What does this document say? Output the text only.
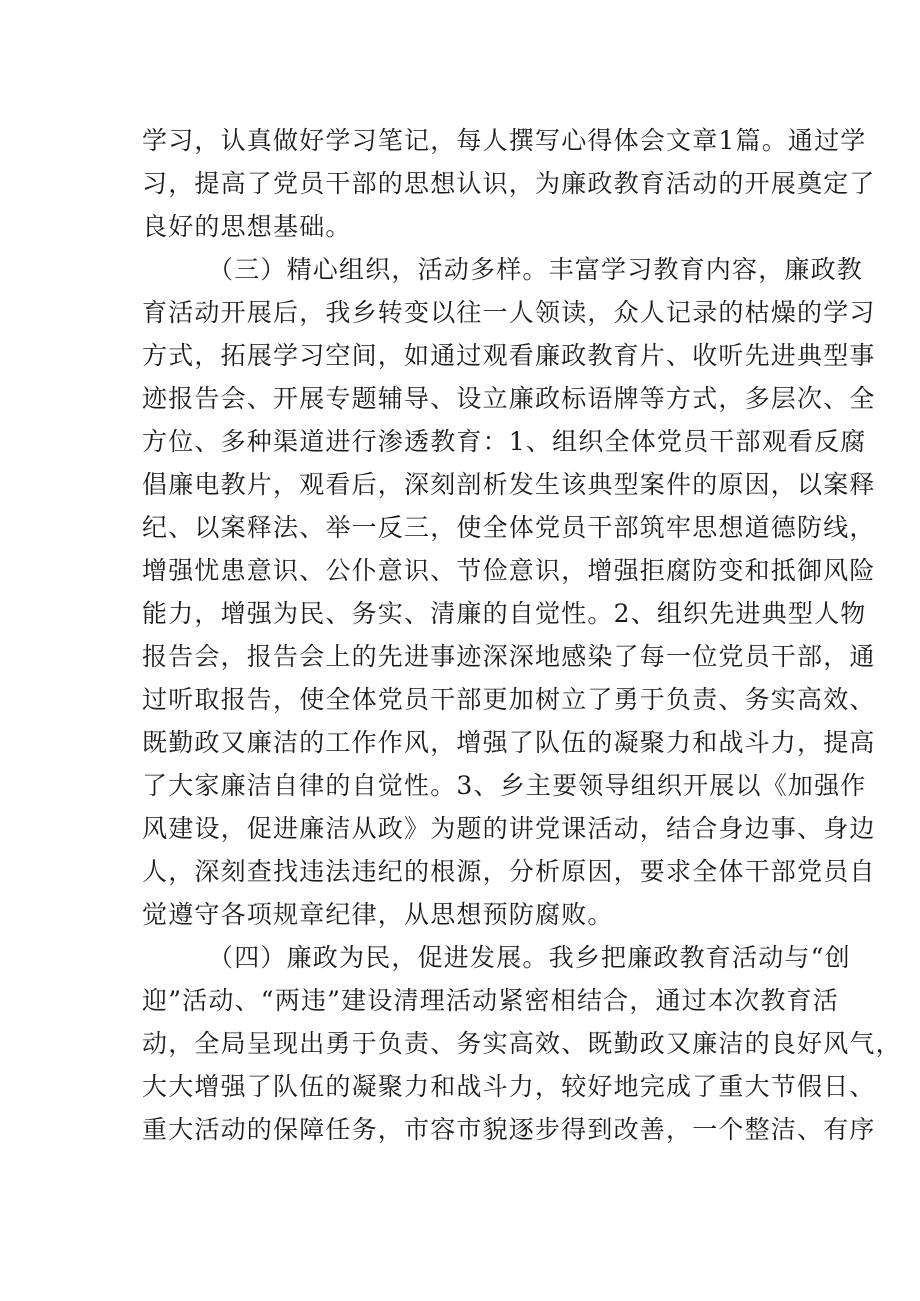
学习，认真做好学习笔记，每人撰写心得体会文章1篇。通过学
习，提高了党员干部的思想认识，为廉政教育活动的开展奠定了
良好的思想基础。
（三）精心组织，活动多样。丰富学习教育内容，廉政教
育活动开展后，我乡转变以往一人领读，众人记录的枯燥的学习
方式，拓展学习空间，如通过观看廉政教育片、收听先进典型事
迹报告会、开展专题辅导、设立廉政标语牌等方式，多层次、全
方位、多种渠道进行渗透教育：1、组织全体党员干部观看反腐
倡廉电教片，观看后，深刻剖析发生该典型案件的原因，以案释
纪、以案释法、举一反三，使全体党员干部筑牢思想道德防线，
增强忧患意识、公仆意识、节俭意识，增强拒腐防变和抵御风险
能力，增强为民、务实、清廉的自觉性。2、组织先进典型人物
报告会，报告会上的先进事迹深深地感染了每一位党员干部，通
过听取报告，使全体党员干部更加树立了勇于负责、务实高效、
既勤政又廉洁的工作作风，增强了队伍的凝聚力和战斗力，提高
了大家廉洁自律的自觉性。3、乡主要领导组织开展以《加强作
风建设，促进廉洁从政》为题的讲党课活动，结合身边事、身边
人，深刻查找违法违纪的根源，分析原因，要求全体干部党员自
觉遵守各项规章纪律，从思想预防腐败。
（四）廉政为民，促进发展。我乡把廉政教育活动与“创
迎”活动、“两违”建设清理活动紧密相结合，通过本次教育活
动，全局呈现出勇于负责、务实高效、既勤政又廉洁的良好风气，
大大增强了队伍的凝聚力和战斗力，较好地完成了重大节假日、
重大活动的保障任务，市容市貌逐步得到改善，一个整洁、有序
